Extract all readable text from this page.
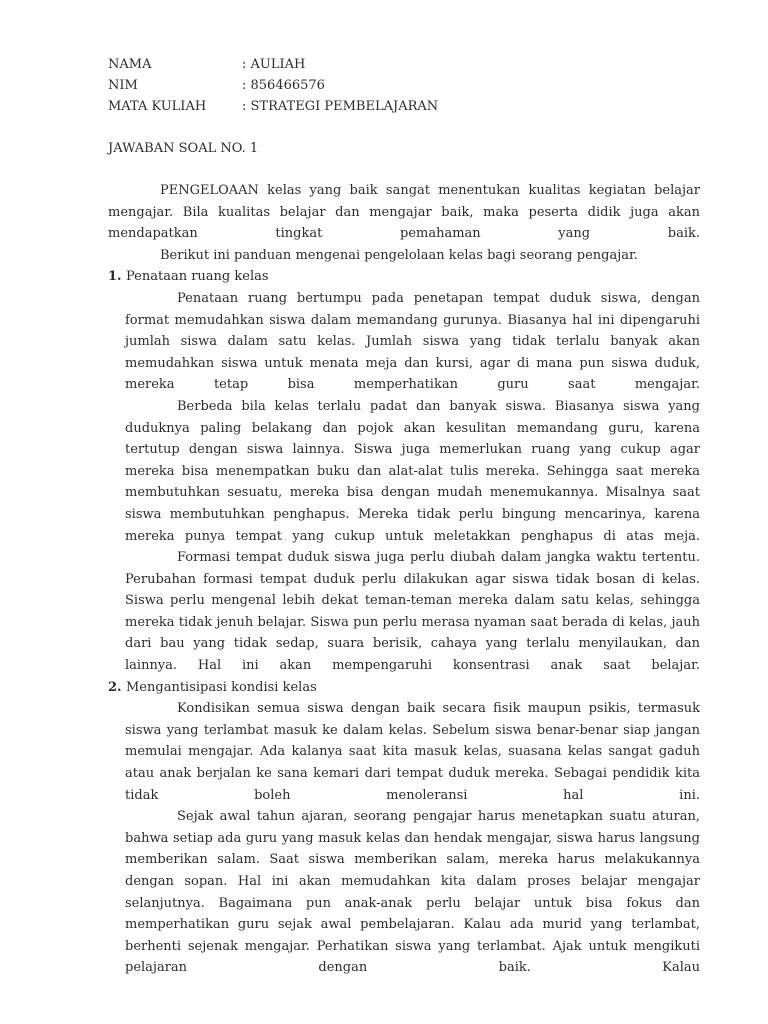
NAMA	: AULIAH
NIM	: 856466576
MATA KULIAH	: STRATEGI PEMBELAJARAN
JAWABAN SOAL NO. 1

PENGELOAAN kelas yang baik sangat menentukan kualitas kegiatan belajar mengajar. Bila kualitas belajar dan mengajar baik, maka peserta didik juga akan mendapatkan tingkat pemahaman yang baik.

Berikut ini panduan mengenai pengelolaan kelas bagi seorang pengajar.

1. Penataan ruang kelas

Penataan ruang bertumpu pada penetapan tempat duduk siswa, dengan format memudahkan siswa dalam memandang gurunya. Biasanya hal ini dipengaruhi jumlah siswa dalam satu kelas. Jumlah siswa yang tidak terlalu banyak akan memudahkan siswa untuk menata meja dan kursi, agar di mana pun siswa duduk, mereka tetap bisa memperhatikan guru saat mengajar.

Berbeda bila kelas terlalu padat dan banyak siswa. Biasanya siswa yang duduknya paling belakang dan pojok akan kesulitan memandang guru, karena tertutup dengan siswa lainnya. Siswa juga memerlukan ruang yang cukup agar mereka bisa menempatkan buku dan alat-alat tulis mereka. Sehingga saat mereka membutuhkan sesuatu, mereka bisa dengan mudah menemukannya. Misalnya saat siswa membutuhkan penghapus. Mereka tidak perlu bingung mencarinya, karena mereka punya tempat yang cukup untuk meletakkan penghapus di atas meja.

Formasi tempat duduk siswa juga perlu diubah dalam jangka waktu tertentu. Perubahan formasi tempat duduk perlu dilakukan agar siswa tidak bosan di kelas. Siswa perlu mengenal lebih dekat teman-teman mereka dalam satu kelas, sehingga mereka tidak jenuh belajar. Siswa pun perlu merasa nyaman saat berada di kelas, jauh dari bau yang tidak sedap, suara berisik, cahaya yang terlalu menyilaukan, dan lainnya. Hal ini akan mempengaruhi konsentrasi anak saat belajar.

2. Mengantisipasi kondisi kelas

Kondisikan semua siswa dengan baik secara fisik maupun psikis, termasuk siswa yang terlambat masuk ke dalam kelas. Sebelum siswa benar-benar siap jangan memulai mengajar. Ada kalanya saat kita masuk kelas, suasana kelas sangat gaduh atau anak berjalan ke sana kemari dari tempat duduk mereka. Sebagai pendidik kita tidak boleh menoleransi hal ini.

Sejak awal tahun ajaran, seorang pengajar harus menetapkan suatu aturan, bahwa setiap ada guru yang masuk kelas dan hendak mengajar, siswa harus langsung memberikan salam. Saat siswa memberikan salam, mereka harus melakukannya dengan sopan. Hal ini akan memudahkan kita dalam proses belajar mengajar selanjutnya. Bagaimana pun anak-anak perlu belajar untuk bisa fokus dan memperhatikan guru sejak awal pembelajaran. Kalau ada murid yang terlambat, berhenti sejenak mengajar. Perhatikan siswa yang terlambat. Ajak untuk mengikuti pelajaran dengan baik. Kalau
